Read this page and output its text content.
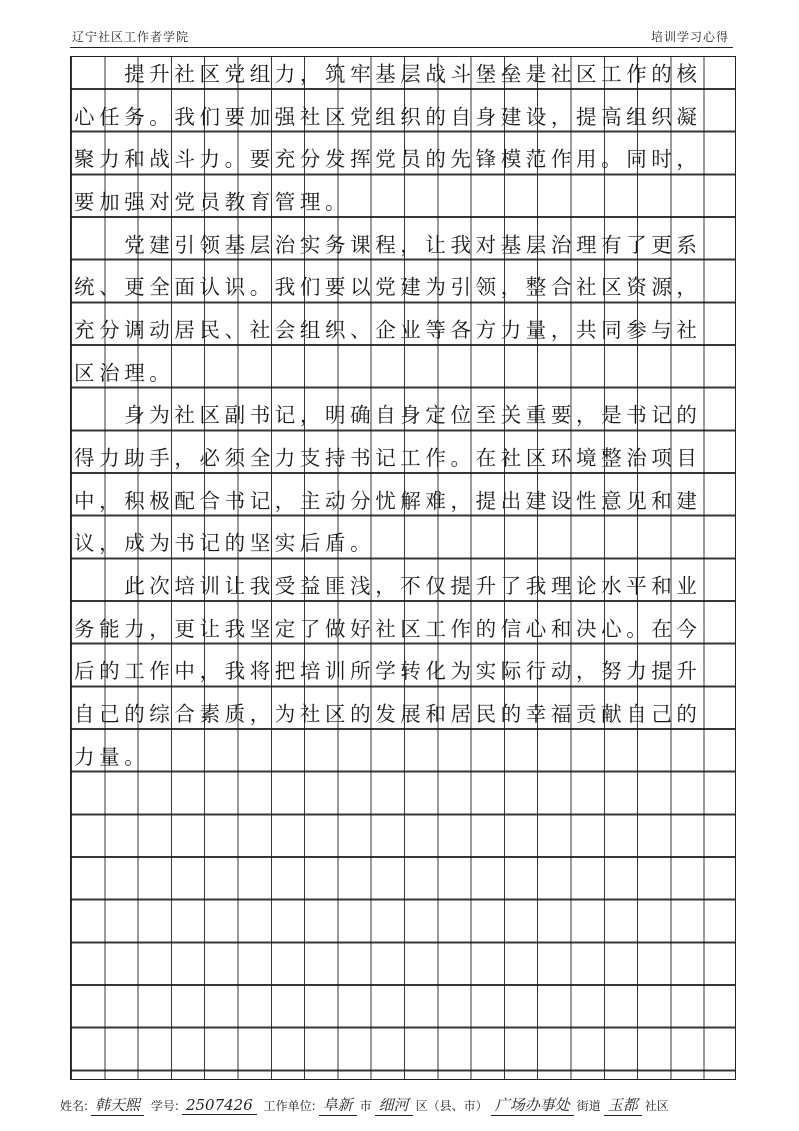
辽宁社区工作者学院	培训学习心得
　　提升社区党组力，筑牢基层战斗堡垒是社区工作的核
心任务。我们要加强社区党组织的自身建设，提高组织凝
聚力和战斗力。要充分发挥党员的先锋模范作用。同时，
要加强对党员教育管理。
　　党建引领基层治实务课程，让我对基层治理有了更系
统、更全面认识。我们要以党建为引领，整合社区资源，
充分调动居民、社会组织、企业等各方力量，共同参与社
区治理。
　　身为社区副书记，明确自身定位至关重要，是书记的
得力助手，必须全力支持书记工作。在社区环境整治项目
中，积极配合书记，主动分忧解难，提出建设性意见和建
议，成为书记的坚实后盾。
　　此次培训让我受益匪浅，不仅提升了我理论水平和业
务能力，更让我坚定了做好社区工作的信心和决心。在今
后的工作中，我将把培训所学转化为实际行动，努力提升
自己的综合素质，为社区的发展和居民的幸福贡献自己的
力量。
姓名: 韩天熙 学号: 2507426 工作单位: 阜新 市 细河 区（县、市） 广场办事处 街道 玉都 社区
